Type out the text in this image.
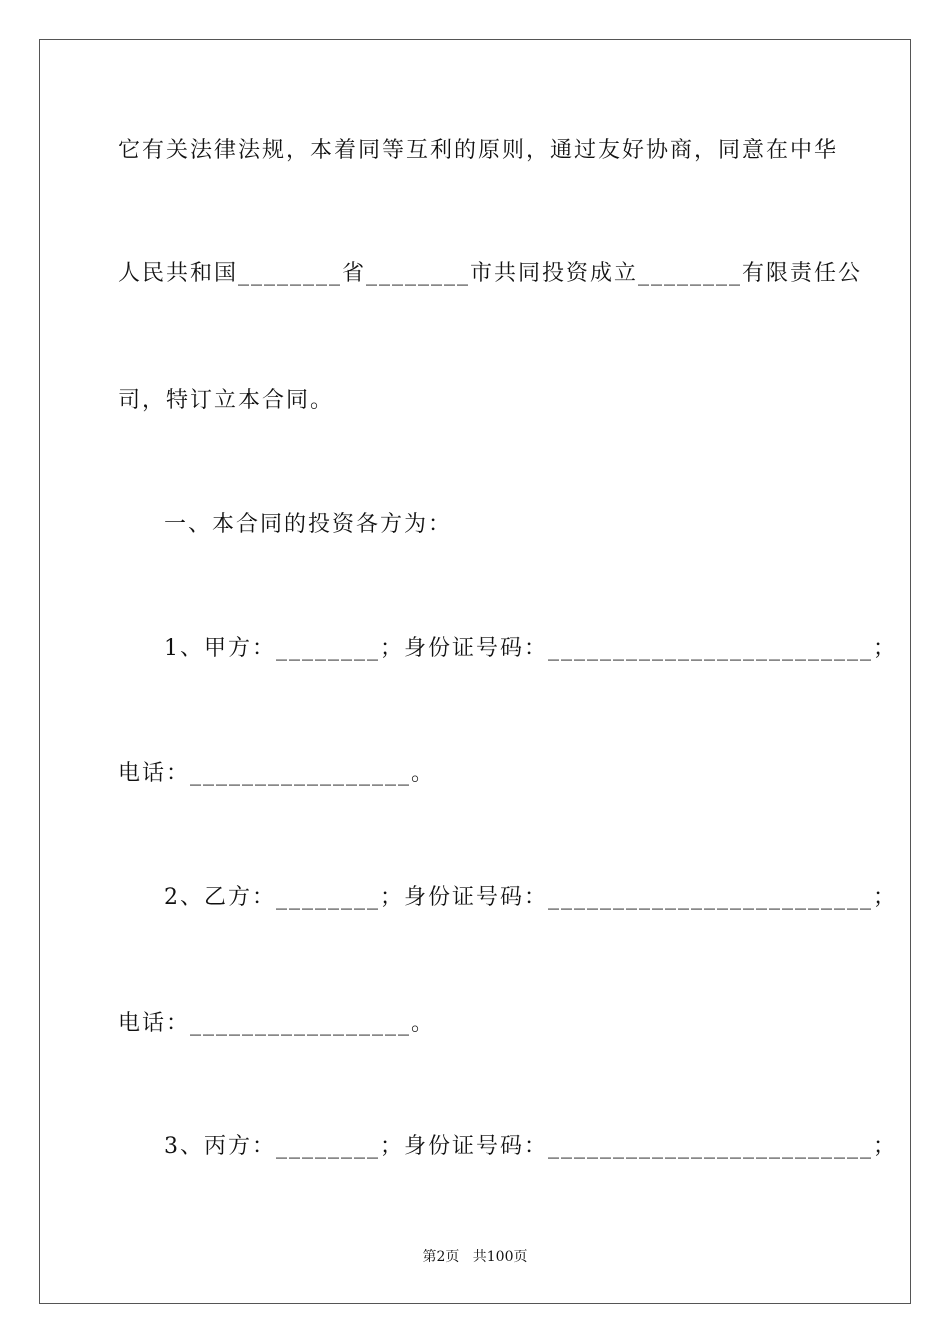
它有关法律法规，本着同等互利的原则，通过友好协商，同意在中华
人民共和国________省________市共同投资成立________有限责任公
司，特订立本合同。
一、本合同的投资各方为：
1、甲方：________；身份证号码：_________________________；
电话：_________________。
2、乙方：________；身份证号码：_________________________；
电话：_________________。
3、丙方：________；身份证号码：_________________________；
第2页   共100页
